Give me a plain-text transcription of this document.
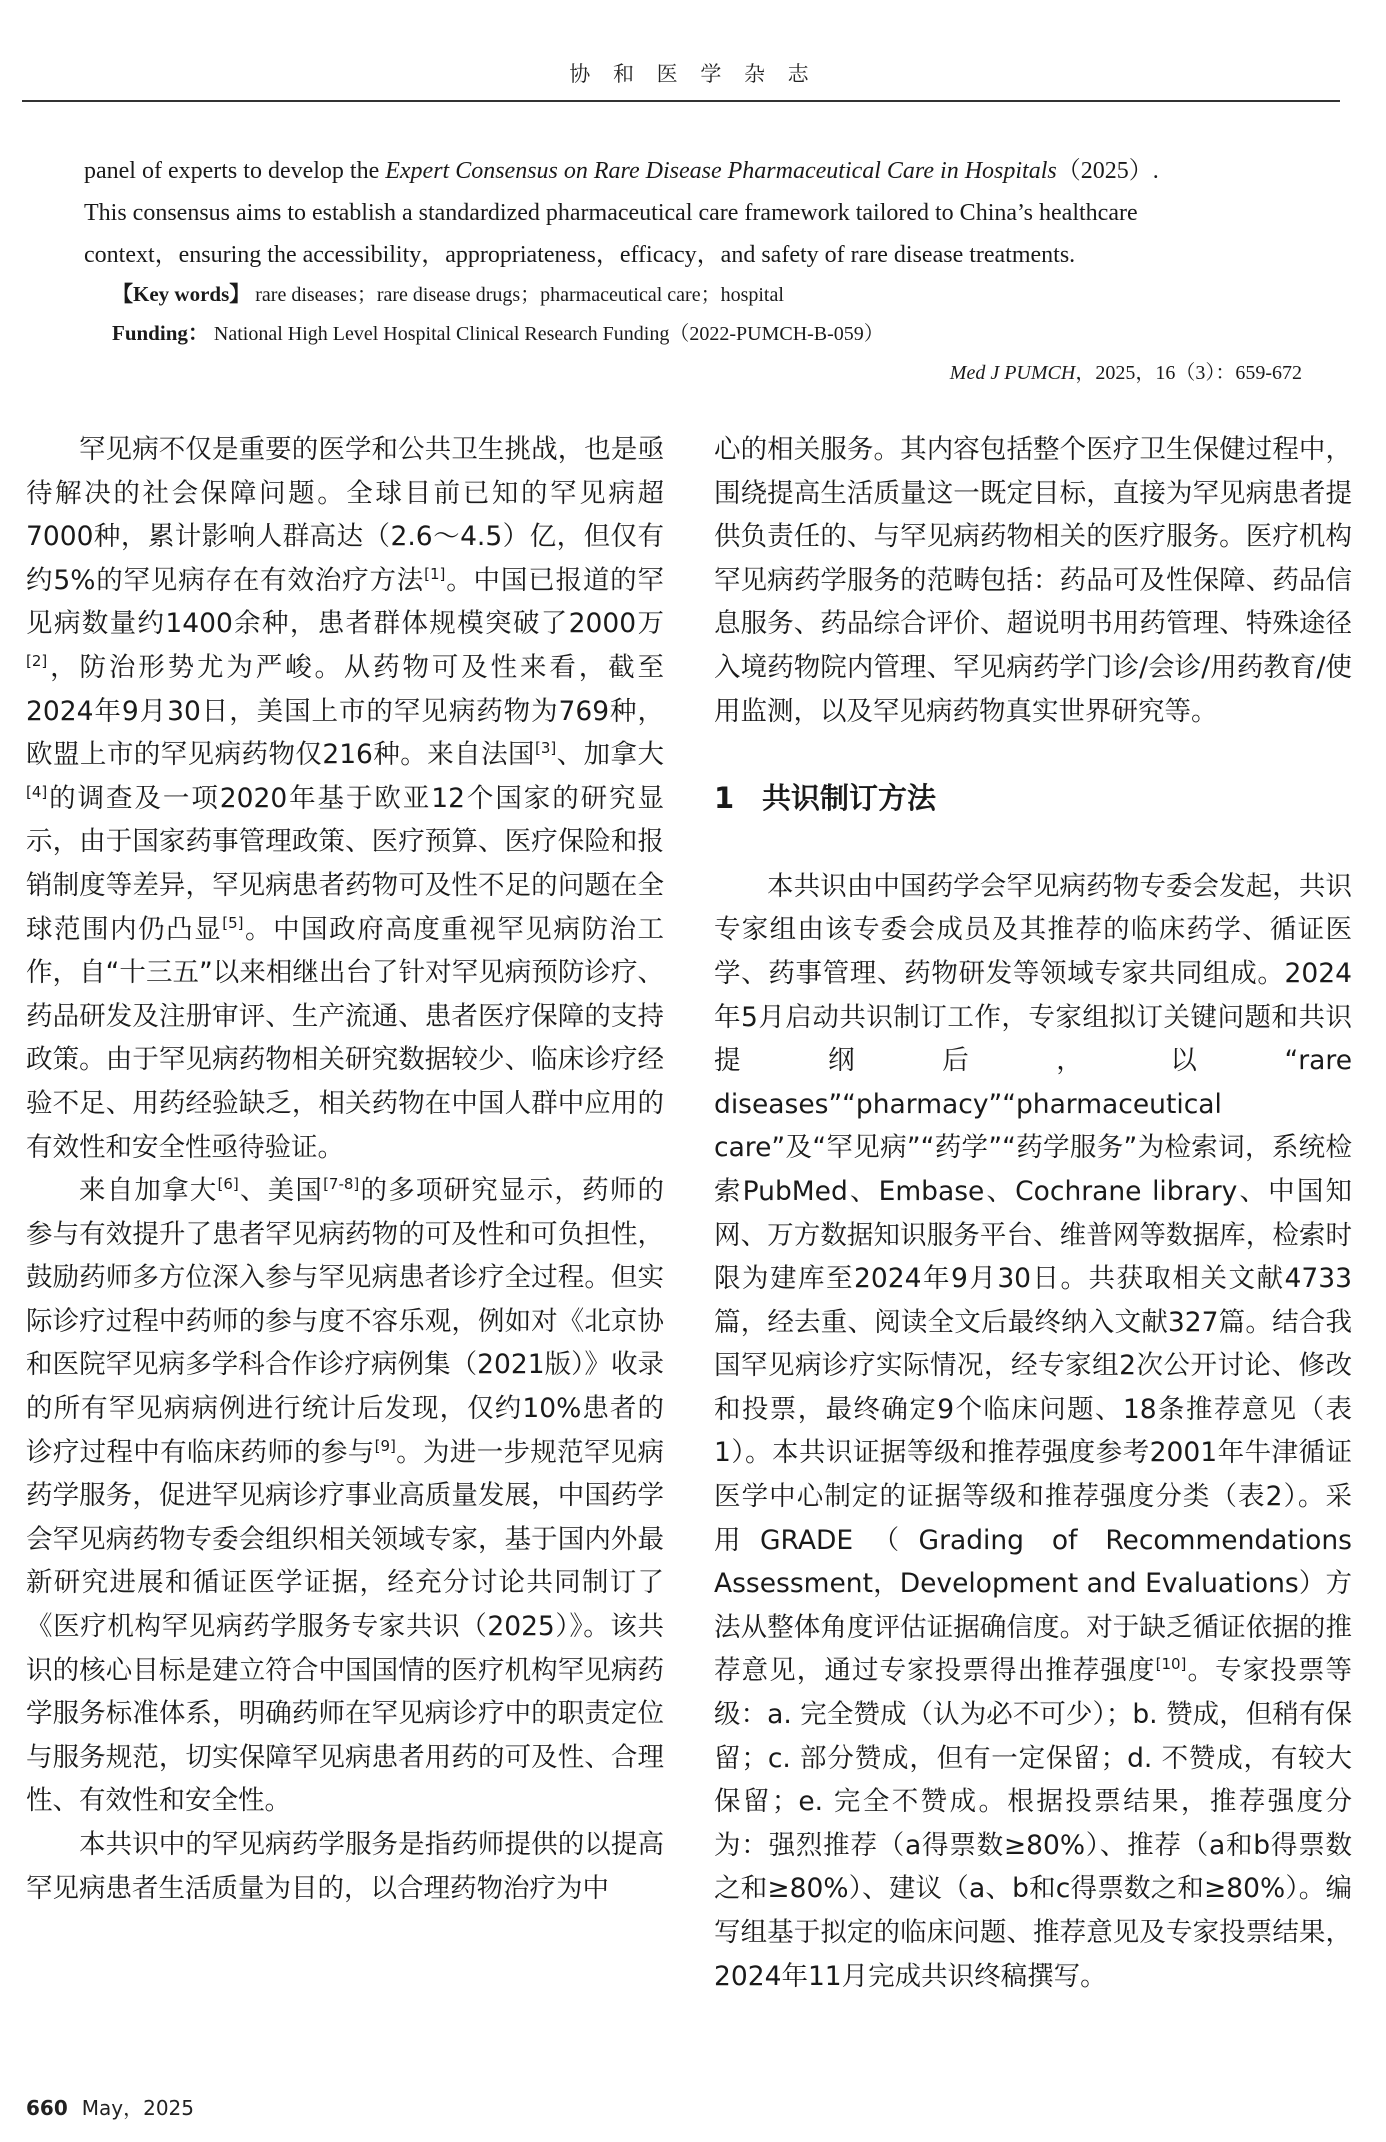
协 和 医 学 杂 志
panel of experts to develop the Expert Consensus on Rare Disease Pharmaceutical Care in Hospitals（2025）.
This consensus aims to establish a standardized pharmaceutical care framework tailored to China’s healthcare
context，ensuring the accessibility，appropriateness，efficacy，and safety of rare disease treatments.
【Key words】 rare diseases；rare disease drugs；pharmaceutical care；hospital
Funding： National High Level Hospital Clinical Research Funding（2022-PUMCH-B-059）
Med J PUMCH，2025，16（3）：659-672

罕见病不仅是重要的医学和公共卫生挑战，也是亟待解决的社会保障问题。全球目前已知的罕见病超7000种，累计影响人群高达（2.6～4.5）亿，但仅有约5%的罕见病存在有效治疗方法[1]。中国已报道的罕见病数量约1400余种，患者群体规模突破了2000万[2]，防治形势尤为严峻。从药物可及性来看，截至2024年9月30日，美国上市的罕见病药物为769种，欧盟上市的罕见病药物仅216种。来自法国[3]、加拿大[4]的调查及一项2020年基于欧亚12个国家的研究显示，由于国家药事管理政策、医疗预算、医疗保险和报销制度等差异，罕见病患者药物可及性不足的问题在全球范围内仍凸显[5]。中国政府高度重视罕见病防治工作，自“十三五”以来相继出台了针对罕见病预防诊疗、药品研发及注册审评、生产流通、患者医疗保障的支持政策。由于罕见病药物相关研究数据较少、临床诊疗经验不足、用药经验缺乏，相关药物在中国人群中应用的有效性和安全性亟待验证。

来自加拿大[6]、美国[7-8]的多项研究显示，药师的参与有效提升了患者罕见病药物的可及性和可负担性，鼓励药师多方位深入参与罕见病患者诊疗全过程。但实际诊疗过程中药师的参与度不容乐观，例如对《北京协和医院罕见病多学科合作诊疗病例集（2021版）》收录的所有罕见病病例进行统计后发现，仅约10%患者的诊疗过程中有临床药师的参与[9]。为进一步规范罕见病药学服务，促进罕见病诊疗事业高质量发展，中国药学会罕见病药物专委会组织相关领域专家，基于国内外最新研究进展和循证医学证据，经充分讨论共同制订了《医疗机构罕见病药学服务专家共识（2025）》。该共识的核心目标是建立符合中国国情的医疗机构罕见病药学服务标准体系，明确药师在罕见病诊疗中的职责定位与服务规范，切实保障罕见病患者用药的可及性、合理性、有效性和安全性。

本共识中的罕见病药学服务是指药师提供的以提高罕见病患者生活质量为目的，以合理药物治疗为中

心的相关服务。其内容包括整个医疗卫生保健过程中，围绕提高生活质量这一既定目标，直接为罕见病患者提供负责任的、与罕见病药物相关的医疗服务。医疗机构罕见病药学服务的范畴包括：药品可及性保障、药品信息服务、药品综合评价、超说明书用药管理、特殊途径入境药物院内管理、罕见病药学门诊/会诊/用药教育/使用监测，以及罕见病药物真实世界研究等。

1 共识制订方法

本共识由中国药学会罕见病药物专委会发起，共识专家组由该专委会成员及其推荐的临床药学、循证医学、药事管理、药物研发等领域专家共同组成。2024年5月启动共识制订工作，专家组拟订关键问题和共识提纲后，以“rare diseases”“pharmacy”“pharmaceutical care”及“罕见病”“药学”“药学服务”为检索词，系统检索PubMed、Embase、Cochrane library、中国知网、万方数据知识服务平台、维普网等数据库，检索时限为建库至2024年9月30日。共获取相关文献4733篇，经去重、阅读全文后最终纳入文献327篇。结合我国罕见病诊疗实际情况，经专家组2次公开讨论、修改和投票，最终确定9个临床问题、18条推荐意见（表1）。本共识证据等级和推荐强度参考2001年牛津循证医学中心制定的证据等级和推荐强度分类（表2）。采用GRADE（Grading of Recommendations Assessment，Development and Evaluations）方法从整体角度评估证据确信度。对于缺乏循证依据的推荐意见，通过专家投票得出推荐强度[10]。专家投票等级：a. 完全赞成（认为必不可少）；b. 赞成，但稍有保留；c. 部分赞成，但有一定保留；d. 不赞成，有较大保留；e. 完全不赞成。根据投票结果，推荐强度分为：强烈推荐（a得票数≥80%）、推荐（a和b得票数之和≥80%）、建议（a、b和c得票数之和≥80%）。编写组基于拟定的临床问题、推荐意见及专家投票结果，2024年11月完成共识终稿撰写。

660 May，2025
